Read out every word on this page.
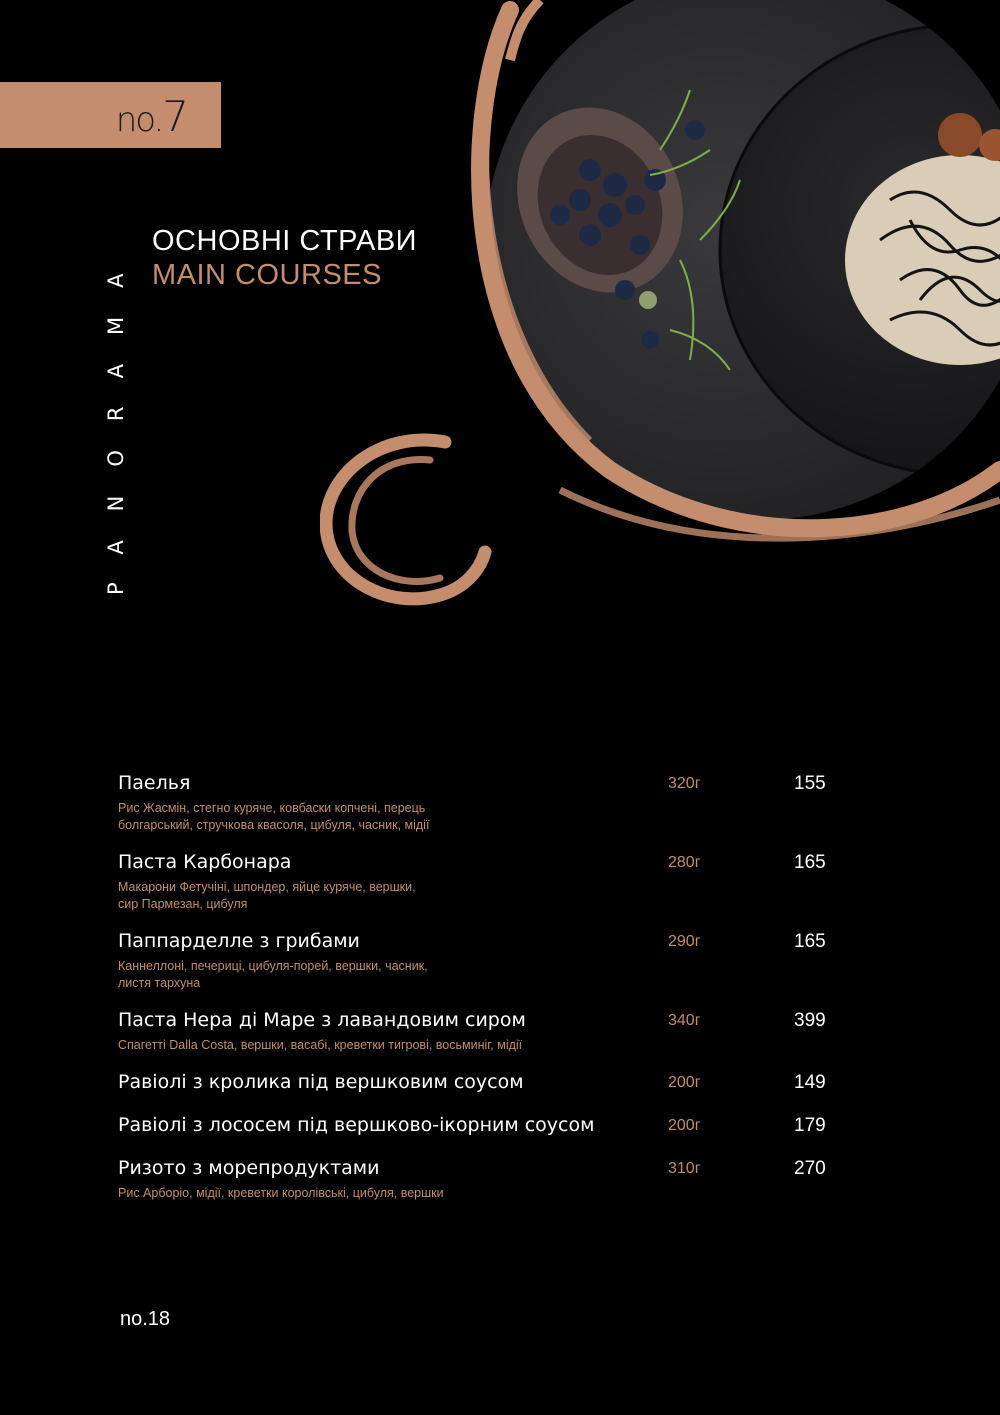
no.7
PANORAMA
ОСНОВНІ СТРАВИ
MAIN COURSES
Паелья	320г	155
Рис Жасмін, стегно куряче, ковбаски копчені, перець
болгарський, стручкова квасоля, цибуля, часник, мідії
Паста Карбонара	280г	165
Макарони Фетучіні, шпондер, яйце куряче, вершки,
сир Пармезан, цибуля
Паппарделле з грибами	290г	165
Каннеллоні, печериці, цибуля-порей, вершки, часник,
листя тархуна
Паста Нера ді Маре з лавандовим сиром	340г	399
Спагетті Dalla Costa, вершки, васабі, креветки тигрові, восьминіг, мідії
Равіолі з кролика під вершковим соусом	200г	149
Равіолі з лососем під вершково-ікорним соусом	200г	179
Ризото з морепродуктами	310г	270
Рис Арборіо, мідії, креветки королівські, цибуля, вершки
no.18
